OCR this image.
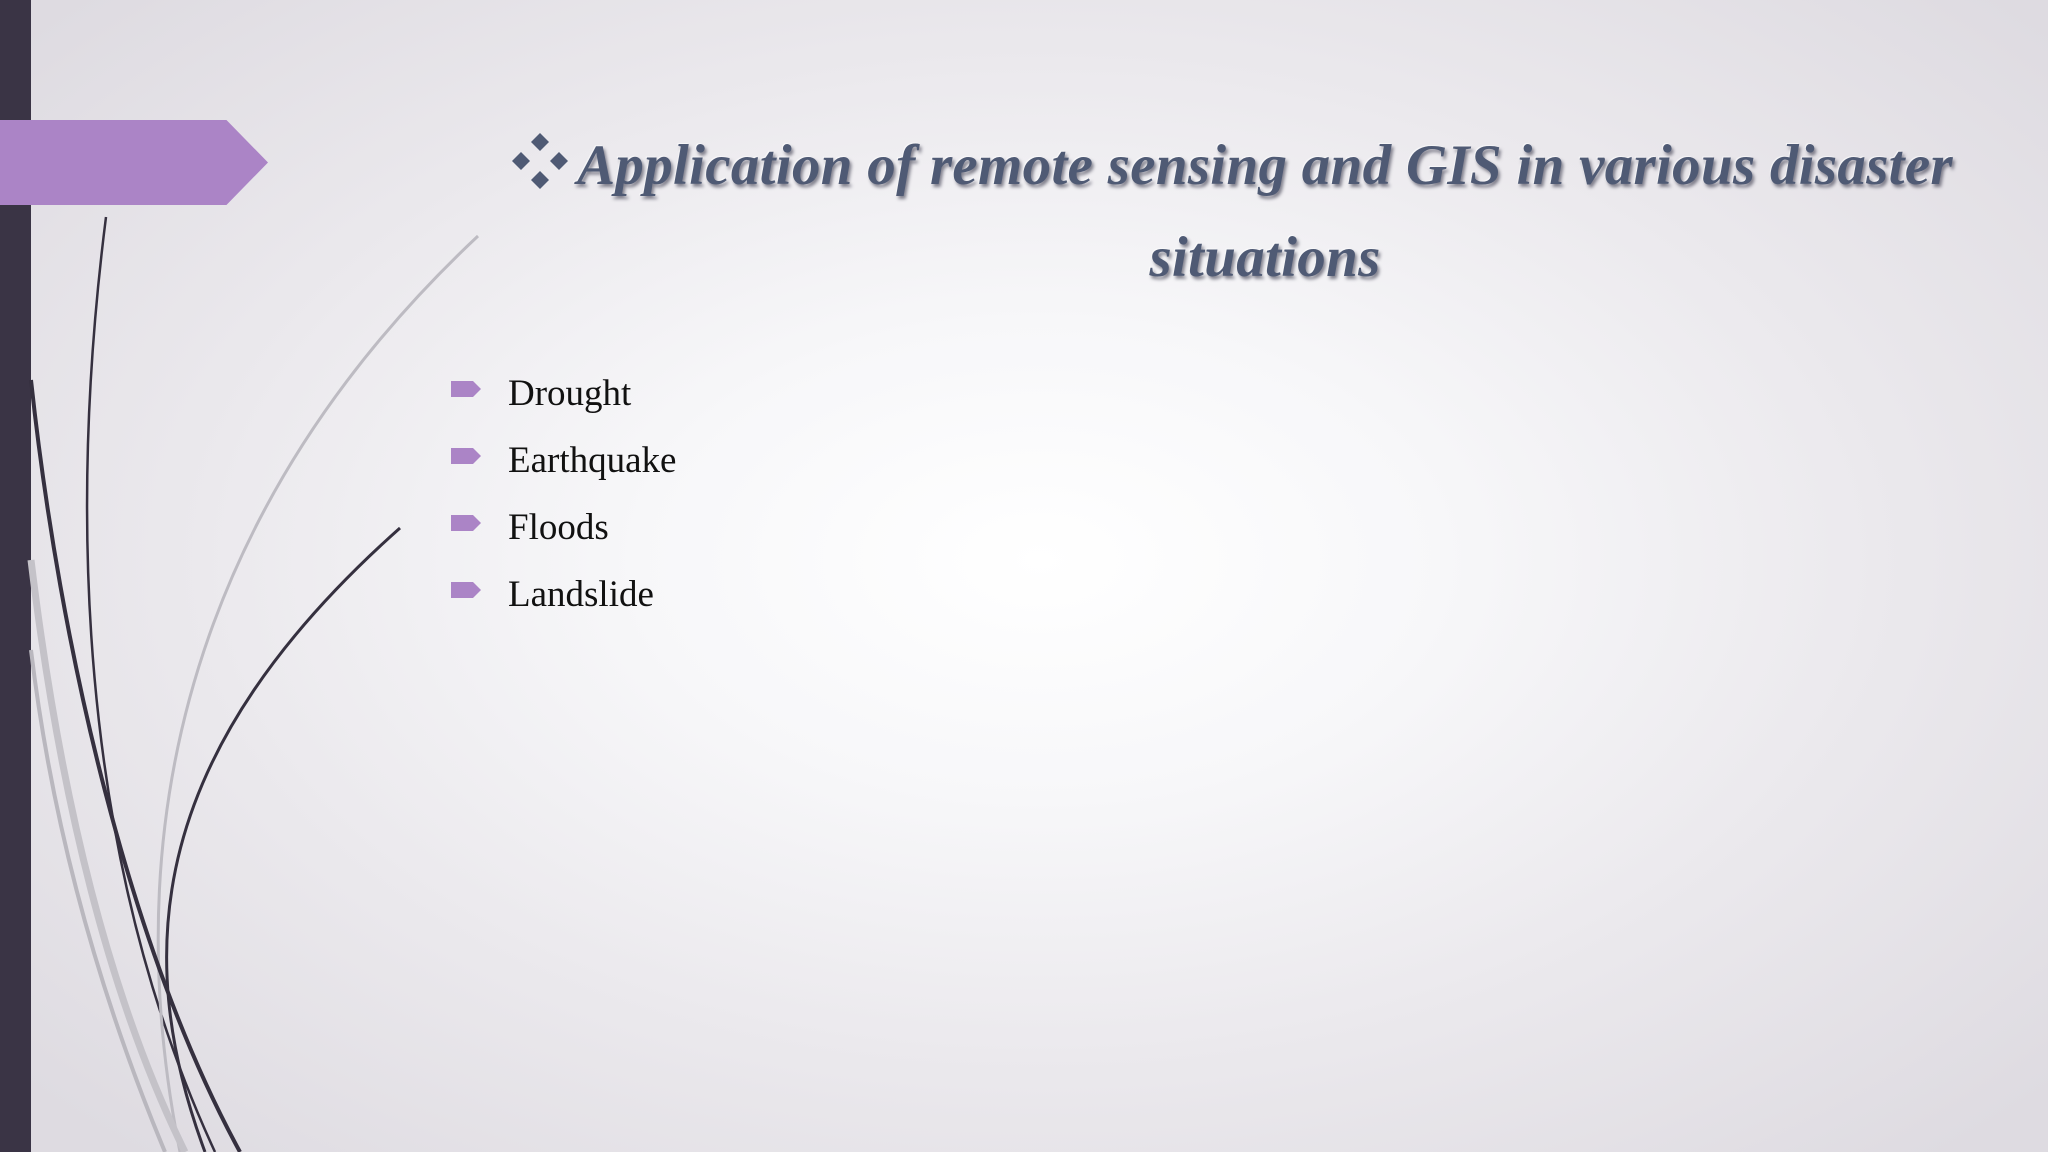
Application of remote sensing and GIS in various disaster situations
Drought
Earthquake
Floods
Landslide
